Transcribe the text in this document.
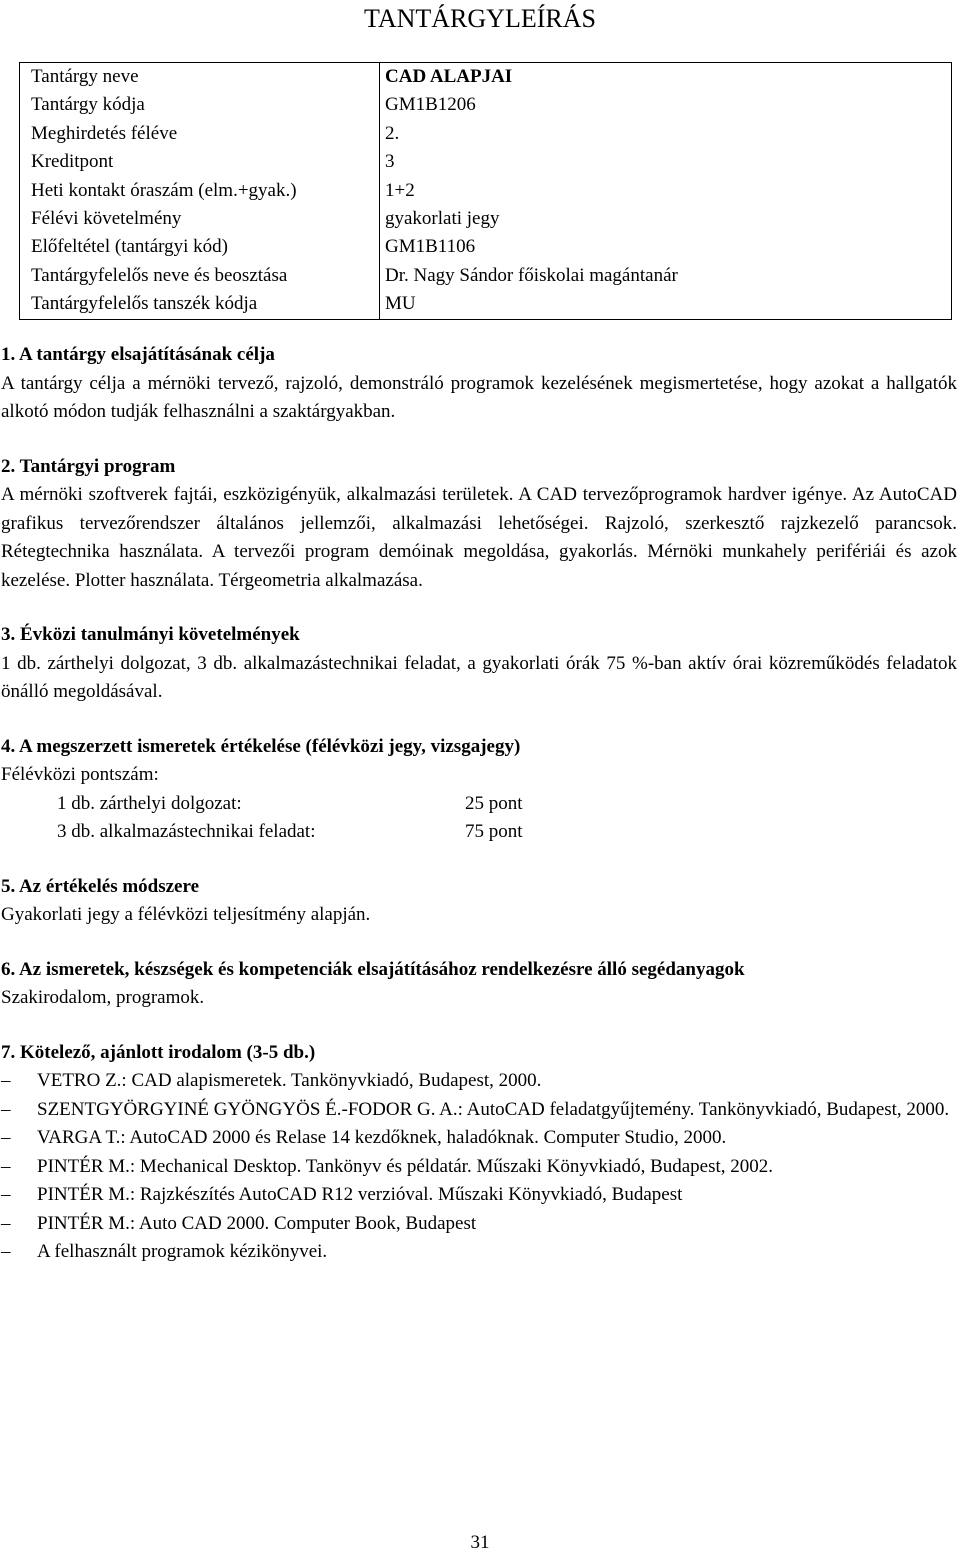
TANTÁRGYLEÍRÁS
Tantárgy neve	CAD ALAPJAI
Tantárgy kódja	GM1B1206
Meghirdetés féléve	2.
Kreditpont	3
Heti kontakt óraszám (elm.+gyak.)	1+2
Félévi követelmény	gyakorlati jegy
Előfeltétel (tantárgyi kód)	GM1B1106
Tantárgyfelelős neve és beosztása	Dr. Nagy Sándor főiskolai magántanár
Tantárgyfelelős tanszék kódja	MU
1. A tantárgy elsajátításának célja

A tantárgy célja a mérnöki tervező, rajzoló, demonstráló programok kezelésének megismertetése, hogy azokat a hallgatók alkotó módon tudják felhasználni a szaktárgyakban.

2. Tantárgyi program

A mérnöki szoftverek fajtái, eszközigényük, alkalmazási területek. A CAD tervezőprogramok hardver igénye. Az AutoCAD grafikus tervezőrendszer általános jellemzői, alkalmazási lehetőségei. Rajzoló, szerkesztő rajzkezelő parancsok. Rétegtechnika használata. A tervezői program demóinak megoldása, gyakorlás. Mérnöki munkahely perifériái és azok kezelése. Plotter használata. Térgeometria alkalmazása.

3. Évközi tanulmányi követelmények

1 db. zárthelyi dolgozat, 3 db. alkalmazástechnikai feladat, a gyakorlati órák 75 %-ban aktív órai közreműködés feladatok önálló megoldásával.

4. A megszerzett ismeretek értékelése (félévközi jegy, vizsgajegy)

Félévközi pontszám:

1 db. zárthelyi dolgozat:	25 pont
3 db. alkalmazástechnikai feladat:	75 pont
5. Az értékelés módszere

Gyakorlati jegy a félévközi teljesítmény alapján.

6. Az ismeretek, készségek és kompetenciák elsajátításához rendelkezésre álló segédanyagok

Szakirodalom, programok.

7. Kötelező, ajánlott irodalom (3-5 db.)
–	VETRO Z.: CAD alapismeretek. Tankönyvkiadó, Budapest, 2000.
–	SZENTGYÖRGYINÉ GYÖNGYÖS É.-FODOR G. A.: AutoCAD feladatgyűjtemény. Tankönyvkiadó, Budapest, 2000.
–	VARGA T.: AutoCAD 2000 és Relase 14 kezdőknek, haladóknak. Computer Studio, 2000.
–	PINTÉR M.: Mechanical Desktop. Tankönyv és példatár. Műszaki Könyvkiadó, Budapest, 2002.
–	PINTÉR M.: Rajzkészítés AutoCAD R12 verzióval. Műszaki Könyvkiadó, Budapest
–	PINTÉR M.: Auto CAD 2000. Computer Book, Budapest
–	A felhasznált programok kézikönyvei.
31
